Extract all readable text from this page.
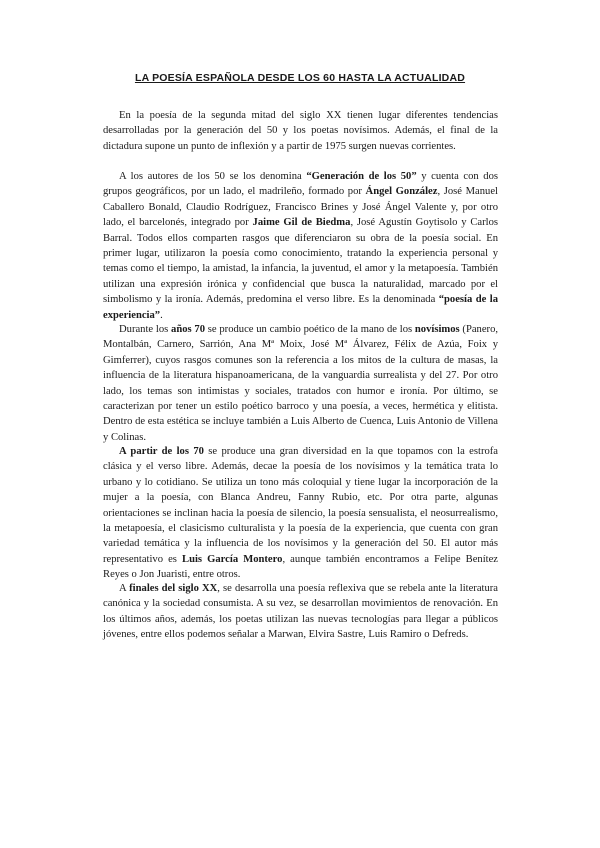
LA POESÍA ESPAÑOLA DESDE LOS 60 HASTA LA ACTUALIDAD

En la poesía de la segunda mitad del siglo XX tienen lugar diferentes tendencias desarrolladas por la generación del 50 y los poetas novísimos. Además, el final de la dictadura supone un punto de inflexión y a partir de 1975 surgen nuevas corrientes.

A los autores de los 50 se los denomina “Generación de los 50” y cuenta con dos grupos geográficos, por un lado, el madrileño, formado por Ángel González, José Manuel Caballero Bonald, Claudio Rodríguez, Francisco Brines y José Ángel Valente y, por otro lado, el barcelonés, integrado por Jaime Gil de Biedma, José Agustín Goytisolo y Carlos Barral. Todos ellos comparten rasgos que diferenciaron su obra de la poesía social. En primer lugar, utilizaron la poesía como conocimiento, tratando la experiencia personal y temas como el tiempo, la amistad, la infancia, la juventud, el amor y la metapoesía. También utilizan una expresión irónica y confidencial que busca la naturalidad, marcado por el simbolismo y la ironía. Además, predomina el verso libre. Es la denominada “poesía de la experiencia”.

Durante los años 70 se produce un cambio poético de la mano de los novísimos (Panero, Montalbán, Carnero, Sarrión, Ana Mª Moix, José Mª Álvarez, Félix de Azúa, Foix y Gimferrer), cuyos rasgos comunes son la referencia a los mitos de la cultura de masas, la influencia de la literatura hispanoamericana, de la vanguardia surrealista y del 27. Por otro lado, los temas son intimistas y sociales, tratados con humor e ironía. Por último, se caracterizan por tener un estilo poético barroco y una poesía, a veces, hermética y elitista. Dentro de esta estética se incluye también a Luis Alberto de Cuenca, Luis Antonio de Villena y Colinas.

A partir de los 70 se produce una gran diversidad en la que topamos con la estrofa clásica y el verso libre. Además, decae la poesía de los novísimos y la temática trata lo urbano y lo cotidiano. Se utiliza un tono más coloquial y tiene lugar la incorporación de la mujer a la poesía, con Blanca Andreu, Fanny Rubio, etc. Por otra parte, algunas orientaciones se inclinan hacia la poesía de silencio, la poesía sensualista, el neosurrealismo, la metapoesía, el clasicismo culturalista y la poesía de la experiencia, que cuenta con gran variedad temática y la influencia de los novísimos y la generación del 50. El autor más representativo es Luis García Montero, aunque también encontramos a Felipe Benítez Reyes o Jon Juaristi, entre otros.

A finales del siglo XX, se desarrolla una poesía reflexiva que se rebela ante la literatura canónica y la sociedad consumista. A su vez, se desarrollan movimientos de renovación. En los últimos años, además, los poetas utilizan las nuevas tecnologías para llegar a públicos jóvenes, entre ellos podemos señalar a Marwan, Elvira Sastre, Luis Ramiro o Defreds.
